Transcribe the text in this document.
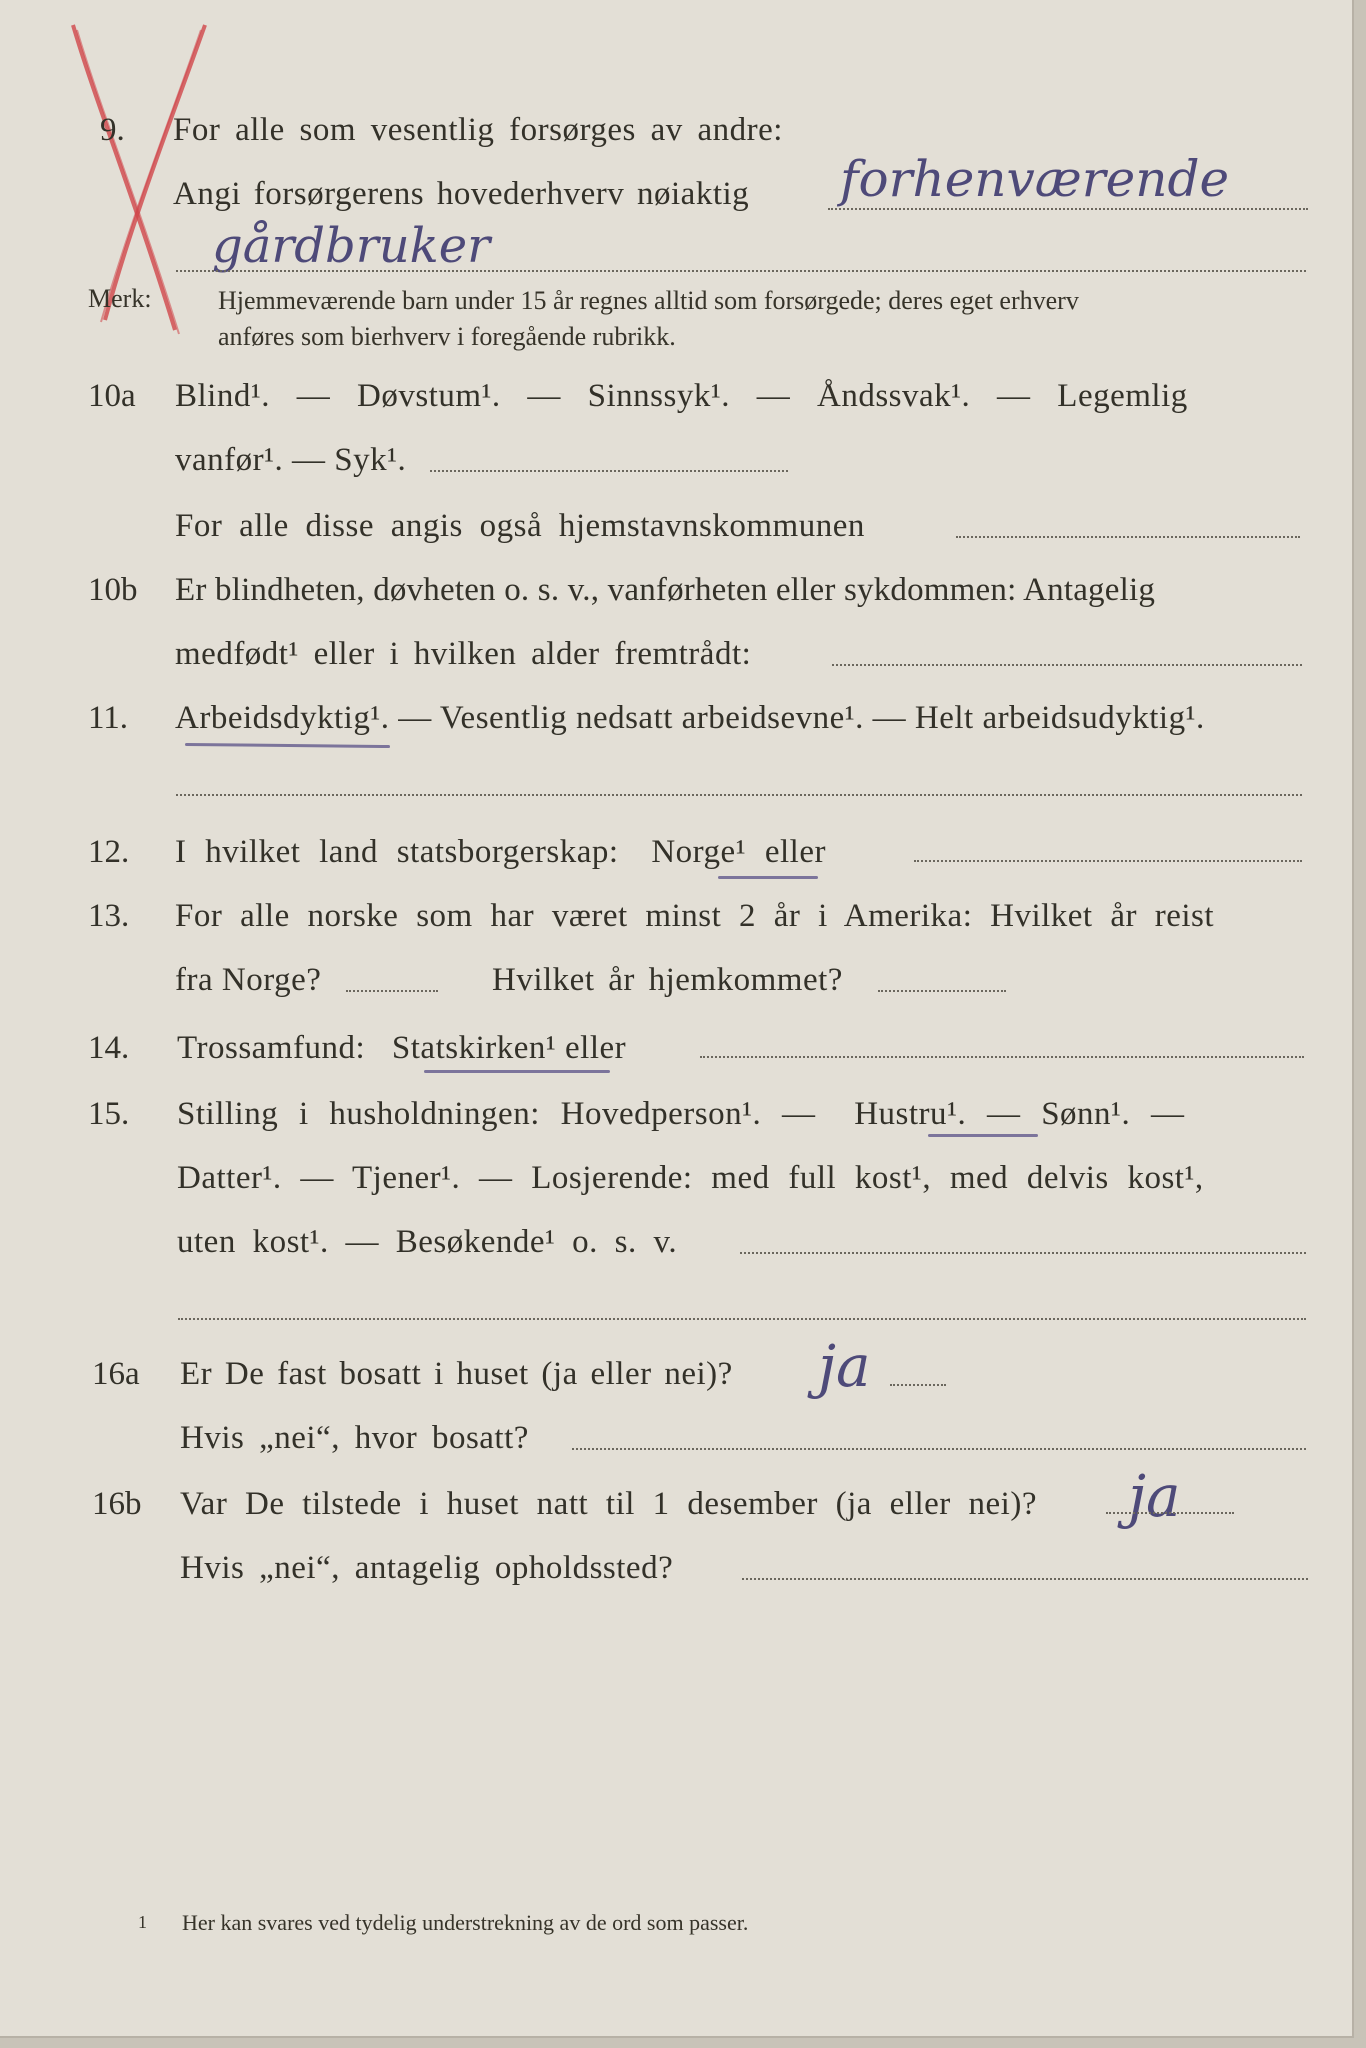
9. For alle som vesentlig forsørges av andre:
Angi forsørgerens hovederhverv nøiaktig forhenværende
gårdbruker
Merk:	Hjemmeværende barn under 15 år regnes alltid som forsørgede; deres eget erhverv
anføres som bierhverv i foregående rubrikk.
10a Blind¹. — Døvstum¹. — Sinnssyk¹. — Åndssvak¹. — Legemlig
vanfør¹. — Syk¹.
For alle disse angis også hjemstavnskommunen
10b Er blindheten, døvheten o. s. v., vanførheten eller sykdommen: Antagelig
medfødt¹ eller i hvilken alder fremtrådt:
11. Arbeidsdyktig¹. — Vesentlig nedsatt arbeidsevne¹. — Helt arbeidsudyktig¹.
12. I hvilket land statsborgerskap: Norge¹ eller
13. For alle norske som har været minst 2 år i Amerika: Hvilket år reist
fra Norge?	Hvilket år hjemkommet?
14. Trossamfund: Statskirken¹ eller
15. Stilling i husholdningen: Hovedperson¹. — Hustru¹. — Sønn¹. —
Datter¹. — Tjener¹. — Losjerende: med full kost¹, med delvis kost¹,
uten kost¹. — Besøkende¹ o. s. v.
16a Er De fast bosatt i huset (ja eller nei)? ja
Hvis „nei“, hvor bosatt?
16b Var De tilstede i huset natt til 1 desember (ja eller nei)? ja
Hvis „nei“, antagelig opholdssted?
1 Her kan svares ved tydelig understrekning av de ord som passer.
